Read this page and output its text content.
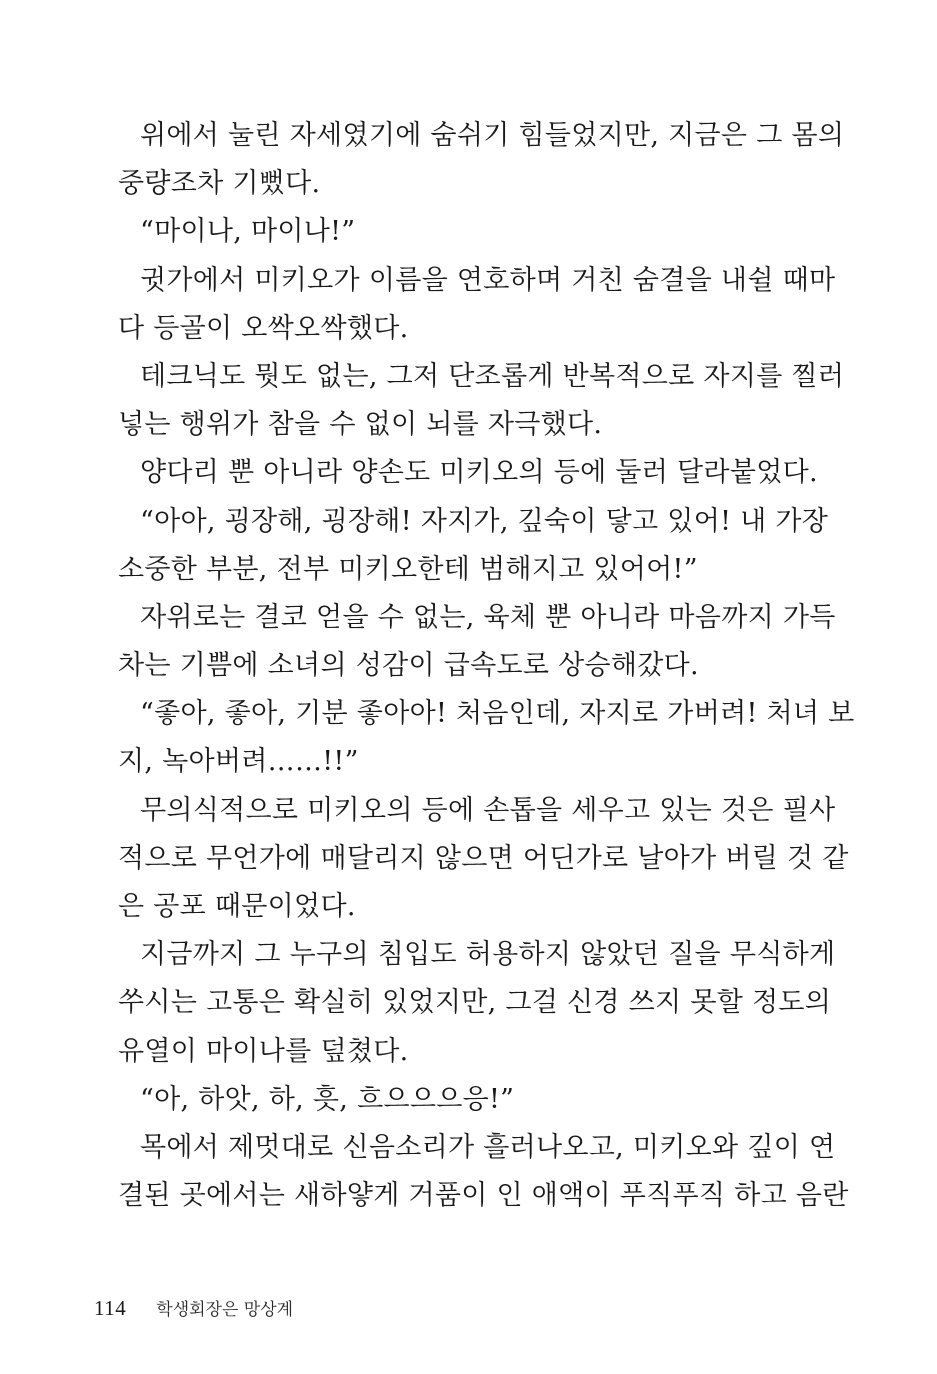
위에서 눌린 자세였기에 숨쉬기 힘들었지만, 지금은 그 몸의
중량조차 기뻤다.
“마이나, 마이나!”
귓가에서 미키오가 이름을 연호하며 거친 숨결을 내쉴 때마
다 등골이 오싹오싹했다.
테크닉도 뭣도 없는, 그저 단조롭게 반복적으로 자지를 찔러
넣는 행위가 참을 수 없이 뇌를 자극했다.
양다리 뿐 아니라 양손도 미키오의 등에 둘러 달라붙었다.
“아아, 굉장해, 굉장해! 자지가, 깊숙이 닿고 있어! 내 가장
소중한 부분, 전부 미키오한테 범해지고 있어어!”
자위로는 결코 얻을 수 없는, 육체 뿐 아니라 마음까지 가득
차는 기쁨에 소녀의 성감이 급속도로 상승해갔다.
“좋아, 좋아, 기분 좋아아! 처음인데, 자지로 가버려! 처녀 보
지, 녹아버려……!!”
무의식적으로 미키오의 등에 손톱을 세우고 있는 것은 필사
적으로 무언가에 매달리지 않으면 어딘가로 날아가 버릴 것 같
은 공포 때문이었다.
지금까지 그 누구의 침입도 허용하지 않았던 질을 무식하게
쑤시는 고통은 확실히 있었지만, 그걸 신경 쓰지 못할 정도의
유열이 마이나를 덮쳤다.
“아, 하앗, 하, 흣, 흐으으으응!”
목에서 제멋대로 신음소리가 흘러나오고, 미키오와 깊이 연
결된 곳에서는 새하얗게 거품이 인 애액이 푸직푸직 하고 음란
114 학생회장은 망상계
